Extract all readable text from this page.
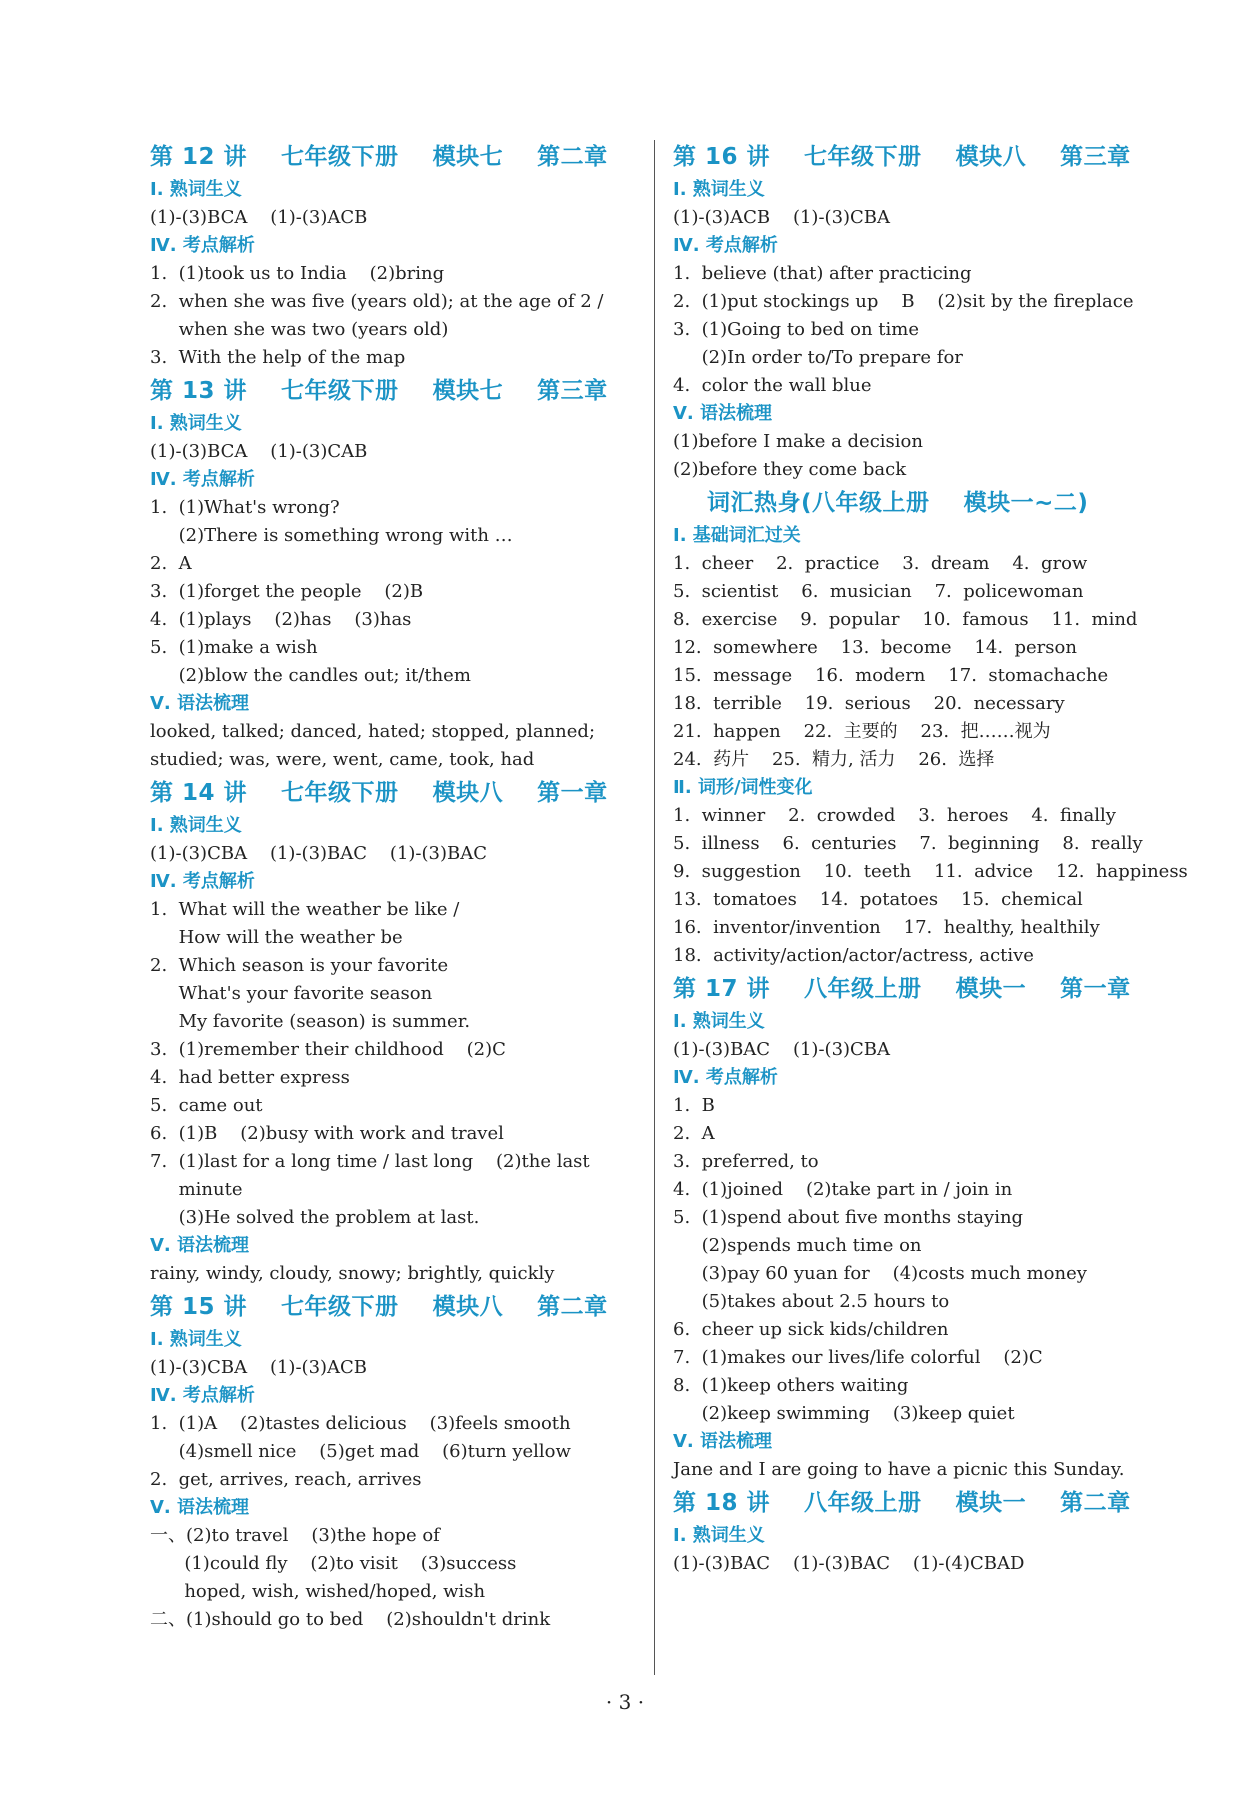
第 12 讲    七年级下册    模块七    第二章
Ⅰ. 熟词生义
(1)-(3)BCA    (1)-(3)ACB
Ⅳ. 考点解析
1.  (1)took us to India    (2)bring
2.  when she was five (years old); at the age of 2 /
when she was two (years old)
3.  With the help of the map
第 13 讲    七年级下册    模块七    第三章
Ⅰ. 熟词生义
(1)-(3)BCA    (1)-(3)CAB
Ⅳ. 考点解析
1.  (1)What's wrong?
(2)There is something wrong with …
2.  A
3.  (1)forget the people    (2)B
4.  (1)plays    (2)has    (3)has
5.  (1)make a wish
(2)blow the candles out; it/them
Ⅴ. 语法梳理
looked, talked; danced, hated; stopped, planned;
studied; was, were, went, came, took, had
第 14 讲    七年级下册    模块八    第一章
Ⅰ. 熟词生义
(1)-(3)CBA    (1)-(3)BAC    (1)-(3)BAC
Ⅳ. 考点解析
1.  What will the weather be like /
How will the weather be
2.  Which season is your favorite
What's your favorite season
My favorite (season) is summer.
3.  (1)remember their childhood    (2)C
4.  had better express
5.  came out
6.  (1)B    (2)busy with work and travel
7.  (1)last for a long time / last long    (2)the last
minute
(3)He solved the problem at last.
Ⅴ. 语法梳理
rainy, windy, cloudy, snowy; brightly, quickly
第 15 讲    七年级下册    模块八    第二章
Ⅰ. 熟词生义
(1)-(3)CBA    (1)-(3)ACB
Ⅳ. 考点解析
1.  (1)A    (2)tastes delicious    (3)feels smooth
(4)smell nice    (5)get mad    (6)turn yellow
2.  get, arrives, reach, arrives
Ⅴ. 语法梳理
一、(2)to travel    (3)the hope of
(1)could fly    (2)to visit    (3)success
hoped, wish, wished/hoped, wish
二、(1)should go to bed    (2)shouldn't drink
第 16 讲    七年级下册    模块八    第三章
Ⅰ. 熟词生义
(1)-(3)ACB    (1)-(3)CBA
Ⅳ. 考点解析
1.  believe (that) after practicing
2.  (1)put stockings up    B    (2)sit by the fireplace
3.  (1)Going to bed on time
(2)In order to/To prepare for
4.  color the wall blue
Ⅴ. 语法梳理
(1)before I make a decision
(2)before they come back
词汇热身(八年级上册    模块一~二)
Ⅰ. 基础词汇过关
1.  cheer    2.  practice    3.  dream    4.  grow
5.  scientist    6.  musician    7.  policewoman
8.  exercise    9.  popular    10.  famous    11.  mind
12.  somewhere    13.  become    14.  person
15.  message    16.  modern    17.  stomachache
18.  terrible    19.  serious    20.  necessary
21.  happen    22.  主要的    23.  把……视为
24.  药片    25.  精力, 活力    26.  选择
Ⅱ. 词形/词性变化
1.  winner    2.  crowded    3.  heroes    4.  finally
5.  illness    6.  centuries    7.  beginning    8.  really
9.  suggestion    10.  teeth    11.  advice    12.  happiness
13.  tomatoes    14.  potatoes    15.  chemical
16.  inventor/invention    17.  healthy, healthily
18.  activity/action/actor/actress, active
第 17 讲    八年级上册    模块一    第一章
Ⅰ. 熟词生义
(1)-(3)BAC    (1)-(3)CBA
Ⅳ. 考点解析
1.  B
2.  A
3.  preferred, to
4.  (1)joined    (2)take part in / join in
5.  (1)spend about five months staying
(2)spends much time on
(3)pay 60 yuan for    (4)costs much money
(5)takes about 2.5 hours to
6.  cheer up sick kids/children
7.  (1)makes our lives/life colorful    (2)C
8.  (1)keep others waiting
(2)keep swimming    (3)keep quiet
Ⅴ. 语法梳理
Jane and I are going to have a picnic this Sunday.
第 18 讲    八年级上册    模块一    第二章
Ⅰ. 熟词生义
(1)-(3)BAC    (1)-(3)BAC    (1)-(4)CBAD
· 3 ·
